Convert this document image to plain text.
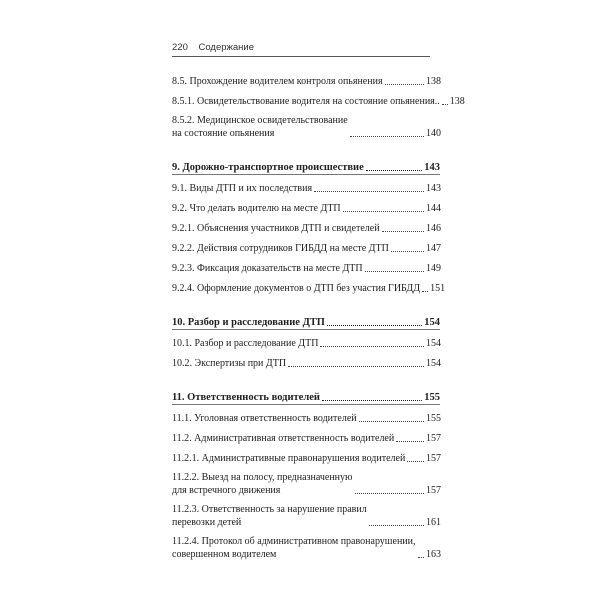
220 Содержание
8.5. Прохождение водителем контроля опьянения	138
8.5.1. Освидетельствование водителя на состояние опьянения.. 138
8.5.2. Медицинское освидетельствование
на состояние опьянения	140
9. Дорожно-транспортное происшествие	143
9.1. Виды ДТП и их последствия	143
9.2. Что делать водителю на месте ДТП	144
9.2.1. Объяснения участников ДТП и свидетелей	146
9.2.2. Действия сотрудников ГИБДД на месте ДТП	147
9.2.3. Фиксация доказательств на месте ДТП	149
9.2.4. Оформление документов о ДТП без участия ГИБДД 151
10. Разбор и расследование ДТП	154
10.1. Разбор и расследование ДТП	154
10.2. Экспертизы при ДТП	154
11. Ответственность водителей	155
11.1. Уголовная ответственность водителей	155
11.2. Административная ответственность водителей	157
11.2.1. Административные правонарушения водителей 157
11.2.2. Выезд на полосу, предназначенную
для встречного движения	157
11.2.3. Ответственность за нарушение правил
перевозки детей	161
11.2.4. Протокол об административном правонарушении,
совершенном водителем	163
